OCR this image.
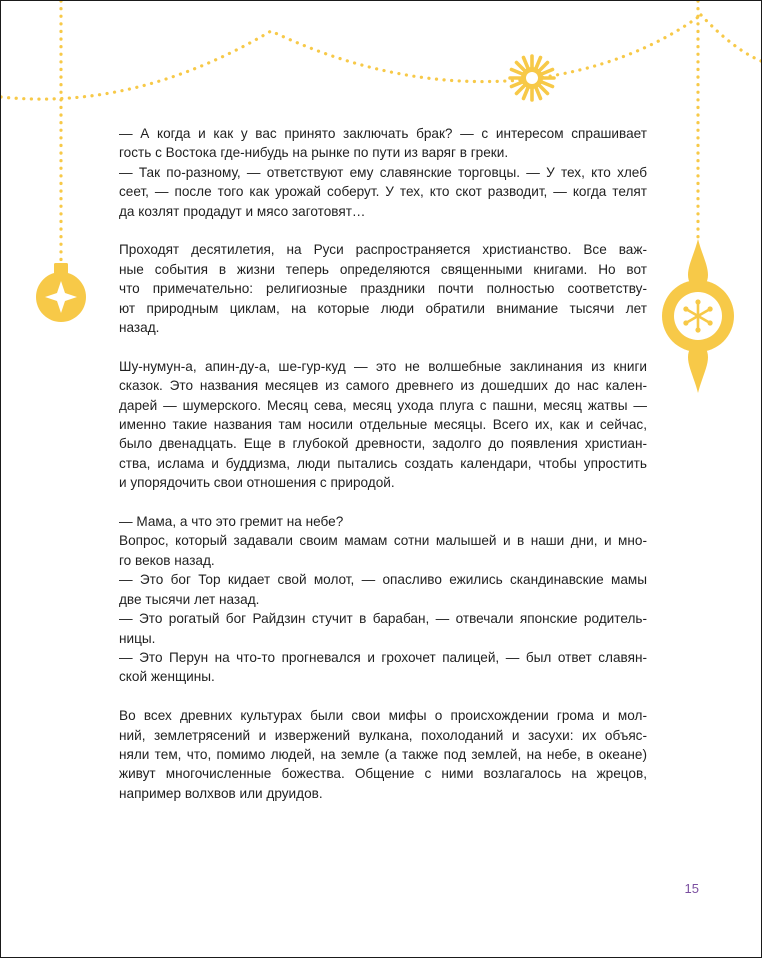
— А когда и как у вас принято заключать брак? — с интересом спрашивает
гость с Востока где-нибудь на рынке по пути из варяг в греки.
— Так по-разному, — ответствуют ему славянские торговцы. — У тех, кто хлеб
сеет, — после того как урожай соберут. У тех, кто скот разводит, — когда телят
да козлят продадут и мясо заготовят…

Проходят десятилетия, на Руси распространяется христианство. Все важ-
ные события в жизни теперь определяются священными книгами. Но вот
что примечательно: религиозные праздники почти полностью соответству-
ют природным циклам, на которые люди обратили внимание тысячи лет
назад.

Шу-нумун-а, апин-ду-а, ше-гур-куд — это не волшебные заклинания из книги
сказок. Это названия месяцев из самого древнего из дошедших до нас кален-
дарей — шумерского. Месяц сева, месяц ухода плуга с пашни, месяц жатвы —
именно такие названия там носили отдельные месяцы. Всего их, как и сейчас,
было двенадцать. Еще в глубокой древности, задолго до появления христиан-
ства, ислама и буддизма, люди пытались создать календари, чтобы упростить
и упорядочить свои отношения с природой.

— Мама, а что это гремит на небе?
Вопрос, который задавали своим мамам сотни малышей и в наши дни, и мно-
го веков назад.
— Это бог Тор кидает свой молот, — опасливо ежились скандинавские мамы
две тысячи лет назад.
— Это рогатый бог Райдзин стучит в барабан, — отвечали японские родитель-
ницы.
— Это Перун на что-то прогневался и грохочет палицей, — был ответ славян-
ской женщины.

Во всех древних культурах были свои мифы о происхождении грома и мол-
ний, землетрясений и извержений вулкана, похолоданий и засухи: их объяс-
няли тем, что, помимо людей, на земле (а также под землей, на небе, в океане)
живут многочисленные божества. Общение с ними возлагалось на жрецов,
например волхвов или друидов.

15
